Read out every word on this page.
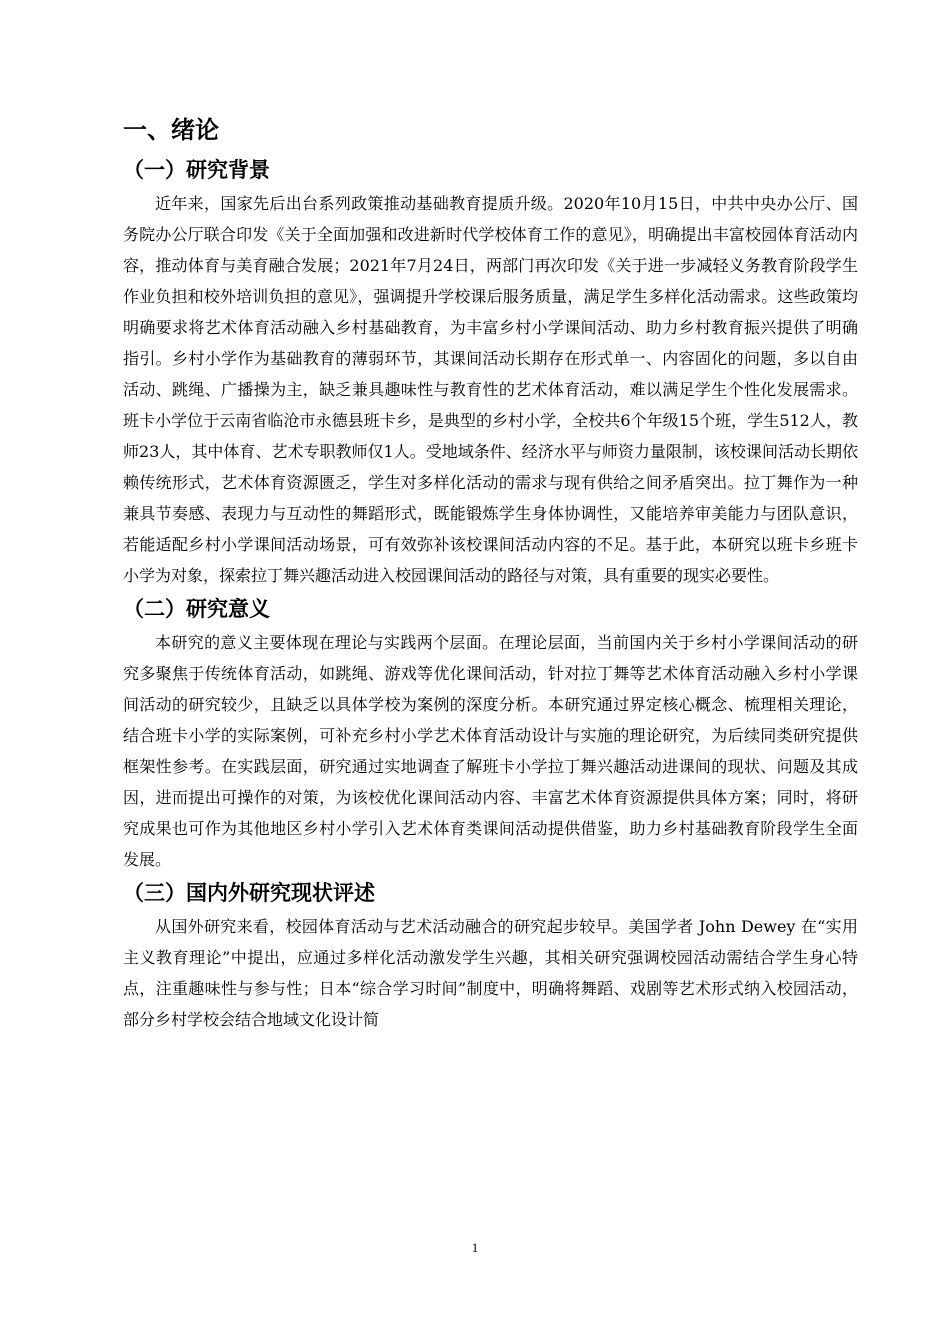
一、绪论
（一）研究背景

近年来，国家先后出台系列政策推动基础教育提质升级。2020年10月15日，中共中央办公厅、国务院办公厅联合印发《关于全面加强和改进新时代学校体育工作的意见》，明确提出丰富校园体育活动内容，推动体育与美育融合发展；2021年7月24日，两部门再次印发《关于进一步减轻义务教育阶段学生作业负担和校外培训负担的意见》，强调提升学校课后服务质量，满足学生多样化活动需求。这些政策均明确要求将艺术体育活动融入乡村基础教育，为丰富乡村小学课间活动、助力乡村教育振兴提供了明确指引。乡村小学作为基础教育的薄弱环节，其课间活动长期存在形式单一、内容固化的问题，多以自由活动、跳绳、广播操为主，缺乏兼具趣味性与教育性的艺术体育活动，难以满足学生个性化发展需求。班卡小学位于云南省临沧市永德县班卡乡，是典型的乡村小学，全校共6个年级15个班，学生512人，教师23人，其中体育、艺术专职教师仅1人。受地域条件、经济水平与师资力量限制，该校课间活动长期依赖传统形式，艺术体育资源匮乏，学生对多样化活动的需求与现有供给之间矛盾突出。拉丁舞作为一种兼具节奏感、表现力与互动性的舞蹈形式，既能锻炼学生身体协调性，又能培养审美能力与团队意识，若能适配乡村小学课间活动场景，可有效弥补该校课间活动内容的不足。基于此，本研究以班卡乡班卡小学为对象，探索拉丁舞兴趣活动进入校园课间活动的路径与对策，具有重要的现实必要性。

（二）研究意义

本研究的意义主要体现在理论与实践两个层面。在理论层面，当前国内关于乡村小学课间活动的研究多聚焦于传统体育活动，如跳绳、游戏等优化课间活动，针对拉丁舞等艺术体育活动融入乡村小学课间活动的研究较少，且缺乏以具体学校为案例的深度分析。本研究通过界定核心概念、梳理相关理论，结合班卡小学的实际案例，可补充乡村小学艺术体育活动设计与实施的理论研究，为后续同类研究提供框架性参考。在实践层面，研究通过实地调查了解班卡小学拉丁舞兴趣活动进课间的现状、问题及其成因，进而提出可操作的对策，为该校优化课间活动内容、丰富艺术体育资源提供具体方案；同时，将研究成果也可作为其他地区乡村小学引入艺术体育类课间活动提供借鉴，助力乡村基础教育阶段学生全面发展。

（三）国内外研究现状评述

从国外研究来看，校园体育活动与艺术活动融合的研究起步较早。美国学者 John Dewey 在“实用主义教育理论”中提出，应通过多样化活动激发学生兴趣，其相关研究强调校园活动需结合学生身心特点，注重趣味性与参与性；日本“综合学习时间”制度中，明确将舞蹈、戏剧等艺术形式纳入校园活动，部分乡村学校会结合地域文化设计简

1
